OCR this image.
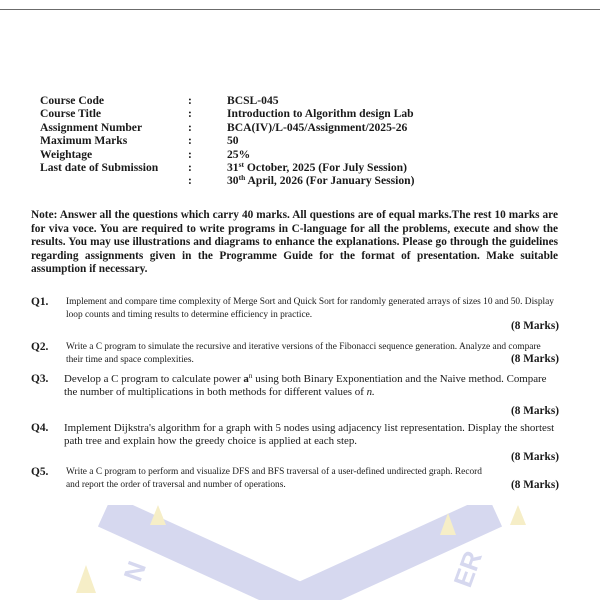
Course Code	:	BCSL-045
Course Title	:	Introduction to Algorithm design Lab
Assignment Number	:	BCA(IV)/L-045/Assignment/2025-26
Maximum Marks	:	50
Weightage	:	25%
Last date of Submission	:	31st October, 2025 (For July Session)
:	30th April, 2026 (For January Session)
Note: Answer all the questions which carry 40 marks. All questions are of equal marks.The rest 10 marks are for viva voce. You are required to write programs in C-language for all the problems, execute and show the results. You may use illustrations and diagrams to enhance the explanations. Please go through the guidelines regarding assignments given in the Programme Guide for the format of presentation. Make suitable assumption if necessary.
Q1. Implement and compare time complexity of Merge Sort and Quick Sort for randomly generated arrays of sizes 10 and 50. Display loop counts and timing results to determine efficiency in practice.
(8 Marks)
Q2. Write a C program to simulate the recursive and iterative versions of the Fibonacci sequence generation. Analyze and compare their time and space complexities.	(8 Marks)
Q3. Develop a C program to calculate power $a^n$ using both Binary Exponentiation and the Naive method. Compare the number of multiplications in both methods for different values of n.
(8 Marks)
Q4. Implement Dijkstra's algorithm for a graph with 5 nodes using adjacency list representation. Display the shortest path tree and explain how the greedy choice is applied at each step.
(8 Marks)
Q5. Write a C program to perform and visualize DFS and BFS traversal of a user-defined undirected graph. Record and report the order of traversal and number of operations.	(8 Marks)
N	ER
